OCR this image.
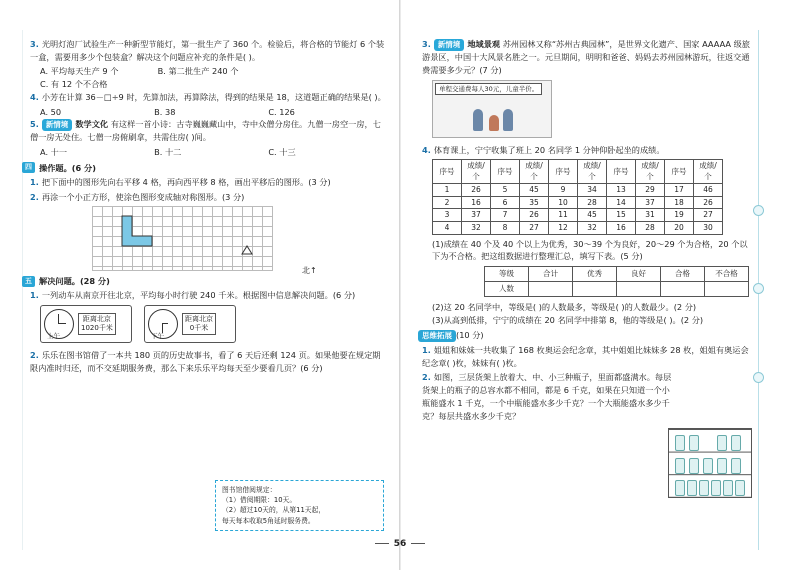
3. 光明灯泡厂试验生产一种新型节能灯，第一批生产了 360 个。检验后，将合格的节能灯 6 个装一盒，需要用多少个包装盒？解决这个问题应补充的条件是( )。
A. 平均每天生产 9 个	B. 第二批生产 240 个
C. 有 12 个不合格
4. 小芳在计算 36－□÷9 时，先算加法，再算除法，得到的结果是 18，这道题正确的结果是( )。
A. 50	B. 38	C. 126
5. 新情境 数学文化 有这样一首小诗：古寺巍巍藏山中，寺中众僧分房住。九僧一房空一房，七僧一房无处住。七僧一房俯刷拿，共需住房( )间。
A. 十一	B. 十二	C. 十三
四 操作题。(6 分)
1. 把下面中的图形先向右平移 4 格，再向西平移 8 格，画出平移后的图形。(3 分)
2. 再涂一个小正方形，使涂色图形变成轴对称图形。(3 分)
北↑
五 解决问题。(28 分)
1. 一列动车从南京开往北京，平均每小时行驶 240 千米。根据图中信息解决问题。(6 分)
距离北京
1020千米
上午
距离北京
0千米
下午
2. 乐乐在图书馆借了一本共 180 页的历史故事书，看了 6 天后还剩 124 页。如果他要在规定期限内准时归还，而不交延期服务费，那么下来乐乐平均每天至少要看几页？(6 分)
图书馆借阅规定：
（1）借阅期限：10天。
（2）超过10天的，从第11天起，
每天每本收取5角延时服务费。
3. 新情境 地域景观 苏州园林又称“苏州古典园林”，是世界文化遗产、国家 AAAAA 级旅游景区，中国十大风景名胜之一。元旦期间，明明和爸爸、妈妈去苏州园林游玩，往返交通费需要多少元？(7 分)
单程交通费每人30元，儿童半价。
4. 体育课上，宁宁收集了班上 20 名同学 1 分钟仰卧起坐的成绩。
序号	成绩/个	序号	成绩/个	序号	成绩/个	序号	成绩/个	序号	成绩/个
1	26	5	45	9	34	13	29	17	46
2	16	6	35	10	28	14	37	18	26
3	37	7	26	11	45	15	31	19	27
4	32	8	27	12	32	16	28	20	30
(1)成绩在 40 个及 40 个以上为优秀，30～39 个为良好，20～29 个为合格，20 个以下为不合格。把这组数据进行整理汇总，填写下表。(5 分)
等级	合计	优秀	良好	合格	不合格
人数					
(2)这 20 名同学中，等级是( )的人数最多，等级是( )的人数最少。(2 分)
(3)从高到低排，宁宁的成绩在 20 名同学中排第 8，他的等级是( )。(2 分)
思维拓展 (10 分)
1. 姐姐和妹妹一共收集了 168 枚奥运会纪念章，其中姐姐比妹妹多 28 枚，姐姐有奥运会纪念章( )枚，妹妹有( )枚。
2. 如图，三层货架上放着大、中、小三种瓶子，里面都盛满水。每层货架上的瓶子的总容水都不相同，都是 6 千克，如果在只知道一个小瓶能盛水 1 千克，一个中瓶能盛水多少千克？一个大瓶能盛水多少千克？每层共盛水多少千克？
56
